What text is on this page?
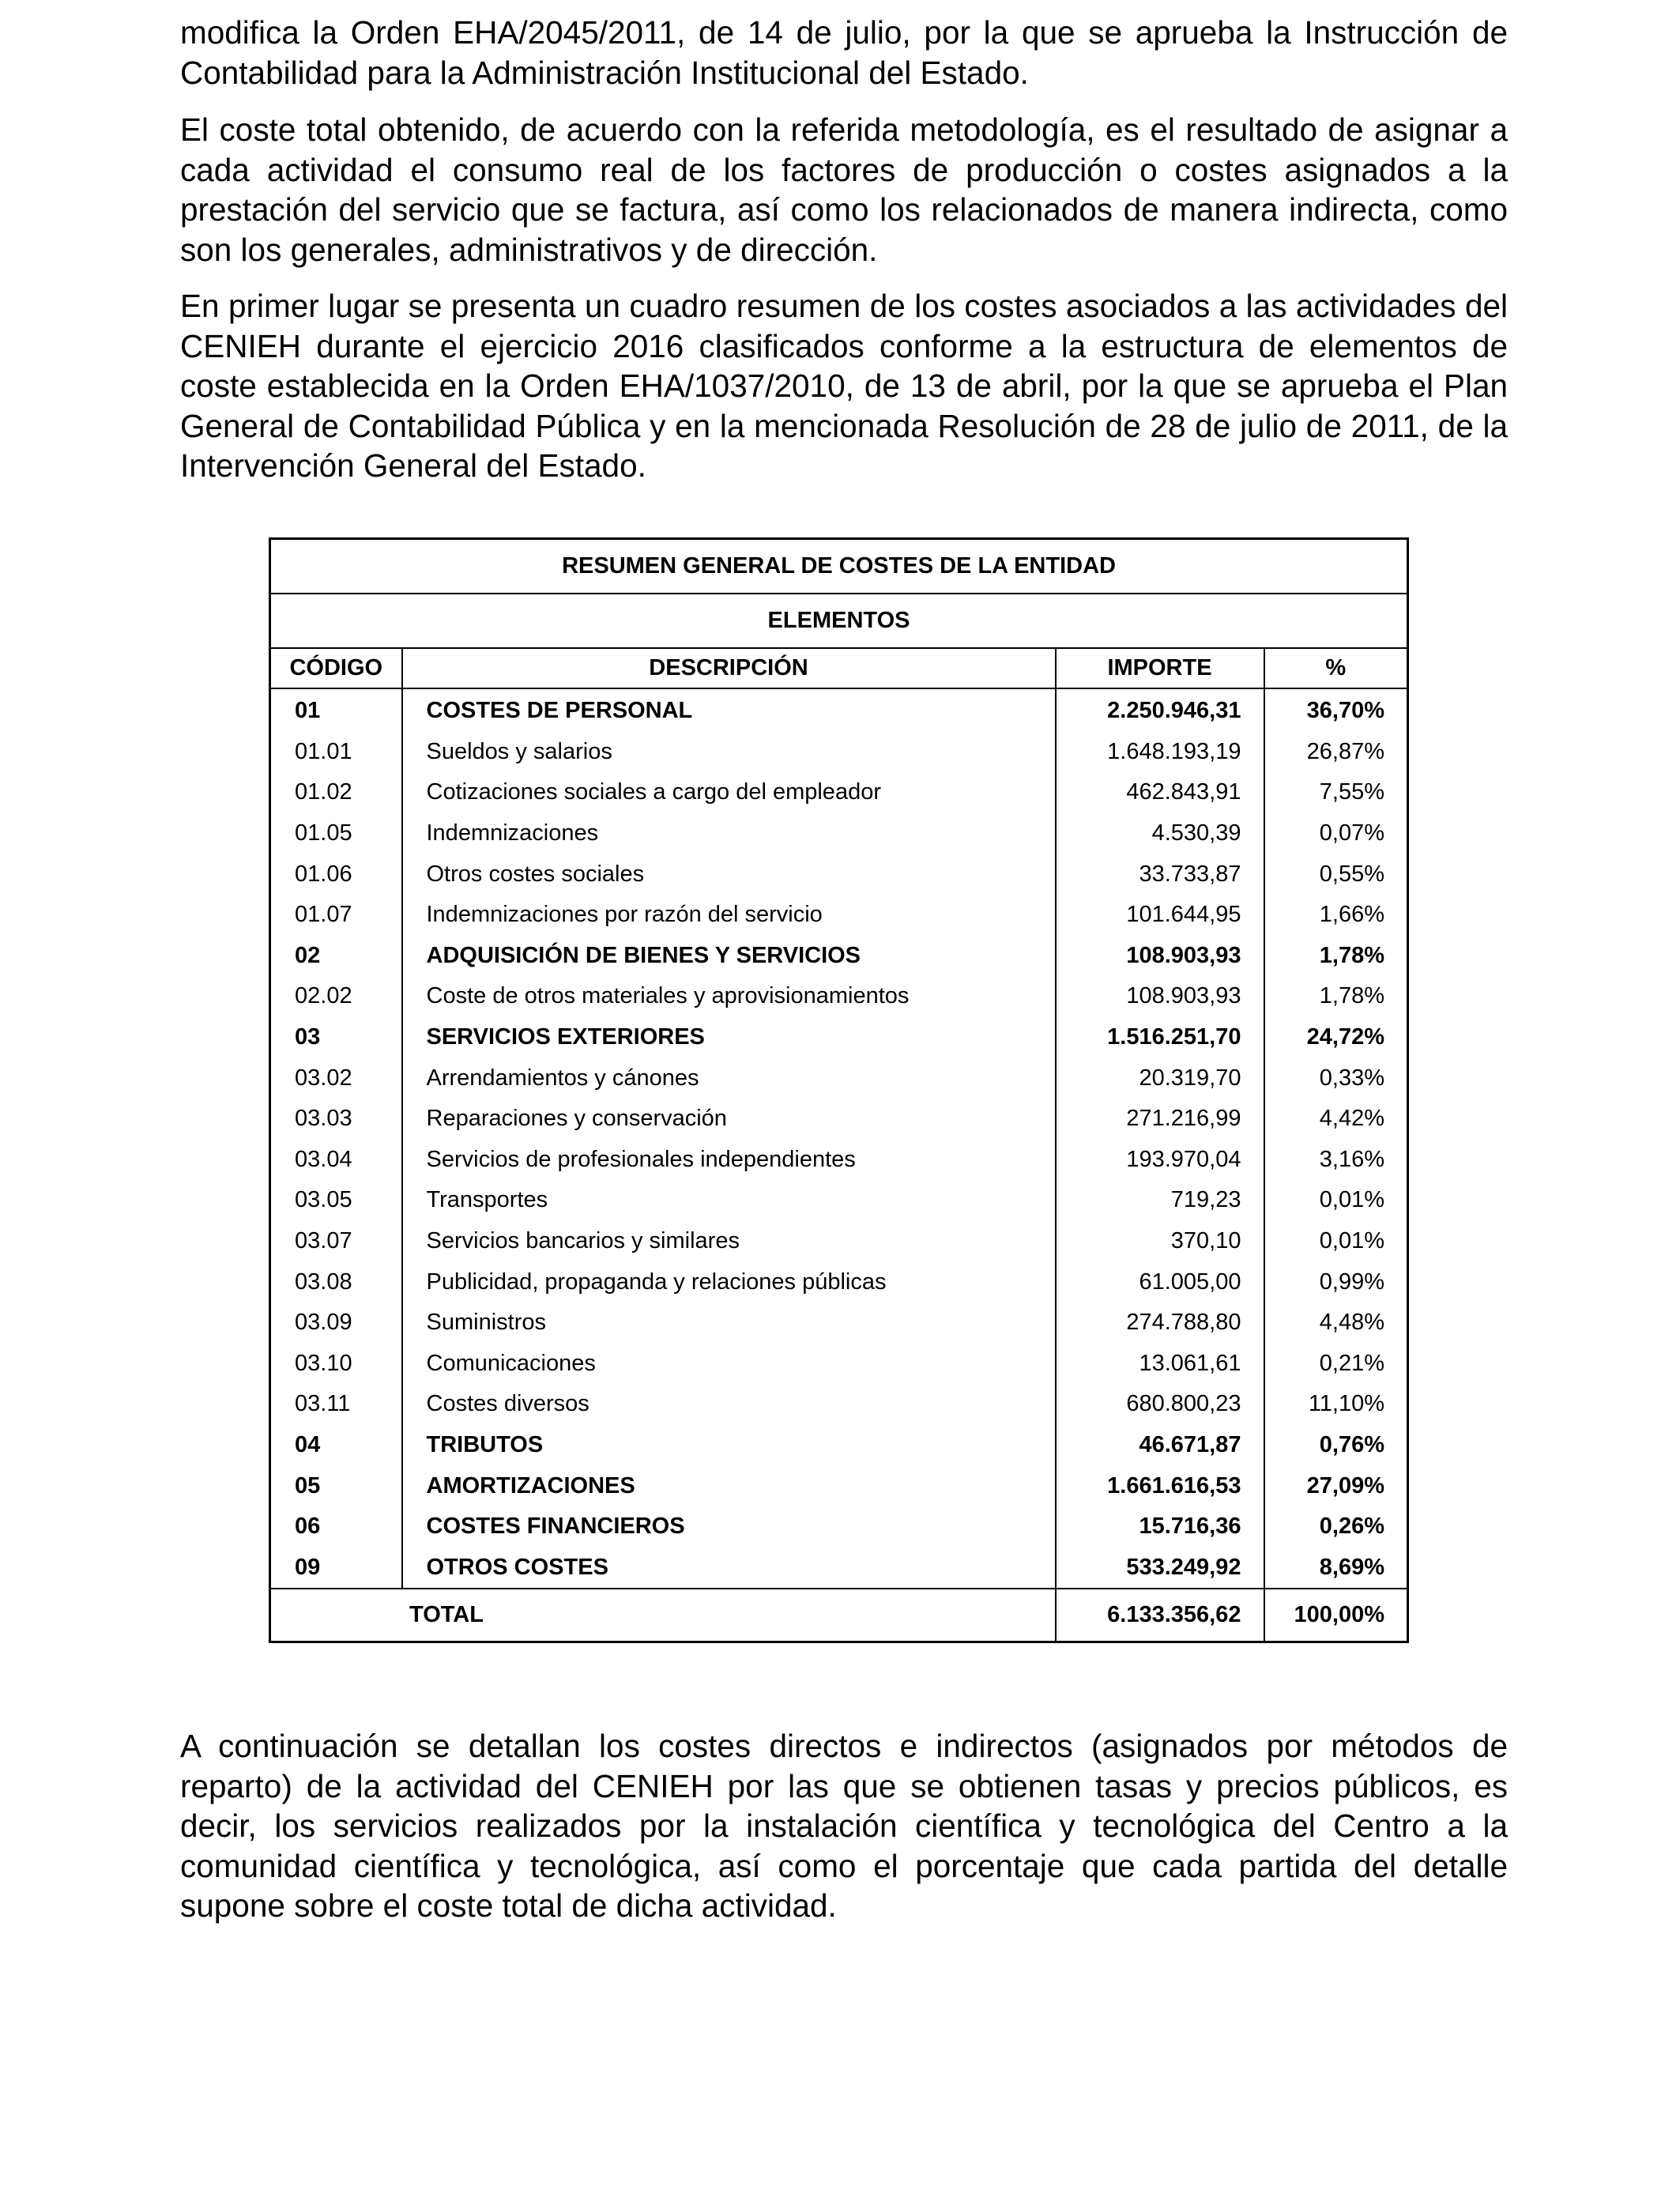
modifica la Orden EHA/2045/2011, de 14 de julio, por la que se aprueba la Instrucción de Contabilidad para la Administración Institucional del Estado.

El coste total obtenido, de acuerdo con la referida metodología, es el resultado de asignar a cada actividad el consumo real de los factores de producción o costes asignados a la prestación del servicio que se factura, así como los relacionados de manera indirecta, como son los generales, administrativos y de dirección.

En primer lugar se presenta un cuadro resumen de los costes asociados a las actividades del CENIEH durante el ejercicio 2016 clasificados conforme a la estructura de elementos de coste establecida en la Orden EHA/1037/2010, de 13 de abril, por la que se aprueba el Plan General de Contabilidad Pública y en la mencionada Resolución de 28 de julio de 2011, de la Intervención General del Estado.

RESUMEN GENERAL DE COSTES DE LA ENTIDAD			
ELEMENTOS			
CÓDIGO	DESCRIPCIÓN	IMPORTE	%
01	COSTES DE PERSONAL	2.250.946,31	36,70%
01.01	Sueldos y salarios	1.648.193,19	26,87%
01.02	Cotizaciones sociales a cargo del empleador	462.843,91	7,55%
01.05	Indemnizaciones	4.530,39	0,07%
01.06	Otros costes sociales	33.733,87	0,55%
01.07	Indemnizaciones por razón del servicio	101.644,95	1,66%
02	ADQUISICIÓN DE BIENES Y SERVICIOS	108.903,93	1,78%
02.02	Coste de otros materiales y aprovisionamientos	108.903,93	1,78%
03	SERVICIOS EXTERIORES	1.516.251,70	24,72%
03.02	Arrendamientos y cánones	20.319,70	0,33%
03.03	Reparaciones y conservación	271.216,99	4,42%
03.04	Servicios de profesionales independientes	193.970,04	3,16%
03.05	Transportes	719,23	0,01%
03.07	Servicios bancarios y similares	370,10	0,01%
03.08	Publicidad, propaganda y relaciones públicas	61.005,00	0,99%
03.09	Suministros	274.788,80	4,48%
03.10	Comunicaciones	13.061,61	0,21%
03.11	Costes diversos	680.800,23	11,10%
04	TRIBUTOS	46.671,87	0,76%
05	AMORTIZACIONES	1.661.616,53	27,09%
06	COSTES FINANCIEROS	15.716,36	0,26%
09	OTROS COSTES	533.249,92	8,69%
TOTAL		6.133.356,62	100,00%

A continuación se detallan los costes directos e indirectos (asignados por métodos de reparto) de la actividad del CENIEH por las que se obtienen tasas y precios públicos, es decir, los servicios realizados por la instalación científica y tecnológica del Centro a la comunidad científica y tecnológica, así como el porcentaje que cada partida del detalle supone sobre el coste total de dicha actividad.
